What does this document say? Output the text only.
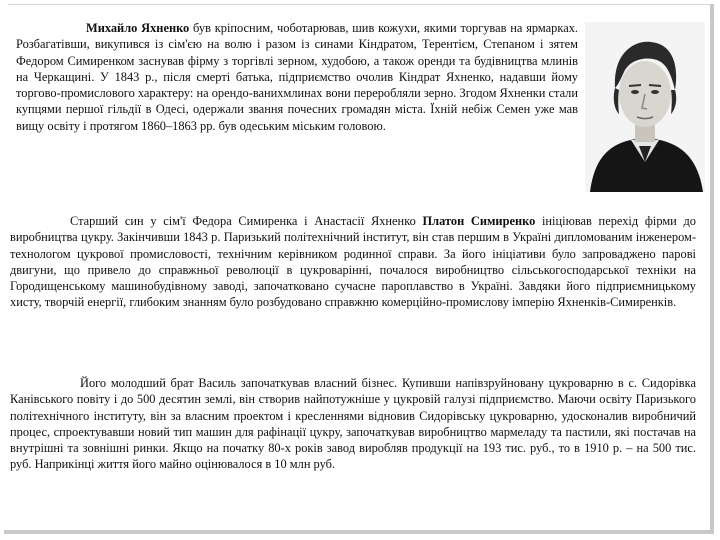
Михайло Яхненко був кріпосним, чоботарював, шив кожухи, якими торгував на ярмарках. Розбагатівши, викупився із сім'єю на волю і разом із синами Кіндратом, Терентієм, Степаном і зятем Федором Симиренком заснував фірму з торгівлі зерном, худобою, а також оренди та будівництва млинів на Черкащині. У 1843 р., після смерті батька, підприємство очолив Кіндрат Яхненко, надавши йому торгово-промислового характеру: на орендо-ванихмлинах вони переробляли зерно. Згодом Яхненки стали купцями першої гільдії в Одесі, одержали звання почесних громадян міста. Їхній небіж Семен уже мав вищу освіту і протягом 1860–1863 рр. був одеським міським головою.

Старший син у сім'ї Федора Симиренка і Анастасії Яхненко Платон Симиренко ініціював перехід фірми до виробництва цукру. Закінчивши 1843 р. Паризький політехнічний інститут, він став першим в Україні дипломованим інженером-технологом цукрової промисловості, технічним керівником родинної справи. За його ініціативи було запроваджено парові двигуни, що привело до справжньої революції в цукроварінні, почалося виробництво сільськогосподарської техніки на Городищенському машинобудівному заводі, започатковано сучасне пароплавство в Україні. Завдяки його підприємницькому хисту, творчій енергії, глибоким знанням було розбудовано справжню комерційно-промислову імперію Яхненків-Симиренків.

Його молодший брат Василь започаткував власний бізнес. Купивши напівзруйновану цукроварню в с. Сидорівка Канівського повіту і до 500 десятин землі, він створив найпотужніше у цукровій галузі підприємство. Маючи освіту Паризького політехнічного інституту, він за власним проектом і кресленнями відновив Сидорівську цукроварню, удосконалив виробничий процес, спроектувавши новий тип машин для рафінації цукру, започаткував виробництво мармеладу та пастили, які постачав на внутрішні та зовнішні ринки. Якщо на початку 80-х років завод виробляв продукції на 193 тис. руб., то в 1910 р. – на 500 тис. руб. Наприкінці життя його майно оцінювалося в 10 млн руб.
